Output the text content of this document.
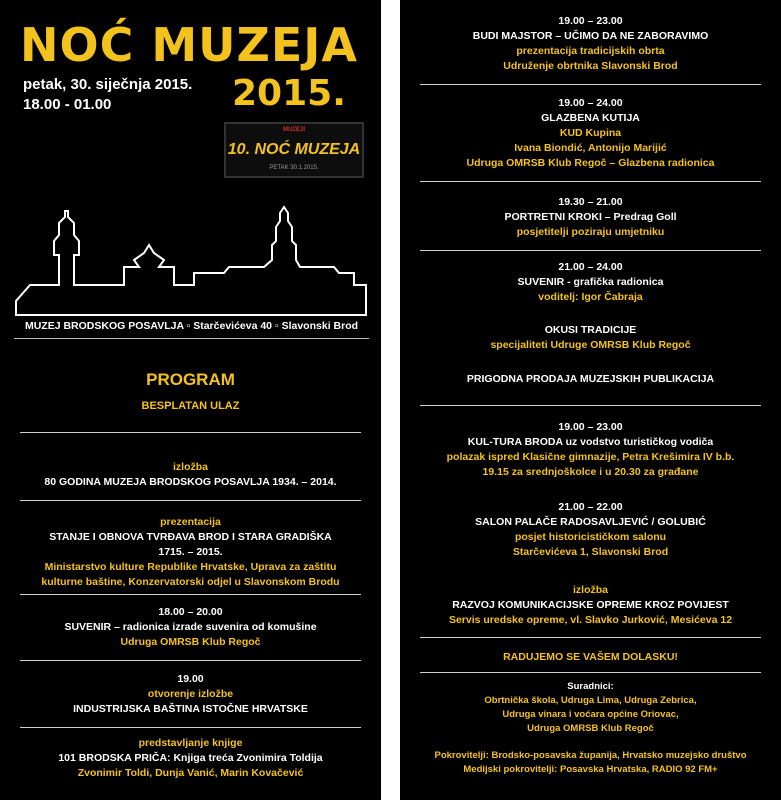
NOĆ MUZEJA
2015.
petak, 30. siječnja 2015.
18.00 - 01.00
MUZEJI
10. NOĆ MUZEJA
PETAK 30.1.2015.
MUZEJ BRODSKOG POSAVLJA ▫ Starčevićeva 40 ▫ Slavonski Brod
PROGRAM
BESPLATAN ULAZ
izložba
80 GODINA MUZEJA BRODSKOG POSAVLJA 1934. – 2014.
prezentacija
STANJE I OBNOVA TVRĐAVA BROD I STARA GRADIŠKA
1715. – 2015.
Ministarstvo kulture Republike Hrvatske, Uprava za zaštitu
kulturne baštine, Konzervatorski odjel u Slavonskom Brodu
18.00 – 20.00
SUVENIR – radionica izrade suvenira od komušine
Udruga OMRSB Klub Regoč
19.00
otvorenje izložbe
INDUSTRIJSKA BAŠTINA ISTOČNE HRVATSKE
predstavljanje knjige
101 BRODSKA PRIČA: Knjiga treća Zvonimira Toldija
Zvonimir Toldi, Dunja Vanić, Marin Kovačević
19.00 – 23.00
BUDI MAJSTOR – UČIMO DA NE ZABORAVIMO
prezentacija tradicijskih obrta
Udruženje obrtnika Slavonski Brod
19.00 – 24.00
GLAZBENA KUTIJA
KUD Kupina
Ivana Biondić, Antonijo Marijić
Udruga OMRSB Klub Regoč – Glazbena radionica
19.30 – 21.00
PORTRETNI KROKI – Predrag Goll
posjetitelji poziraju umjetniku
21.00 – 24.00
SUVENIR - grafička radionica
voditelj: Igor Čabraja
OKUSI TRADICIJE
specijaliteti Udruge OMRSB Klub Regoč
PRIGODNA PRODAJA MUZEJSKIH PUBLIKACIJA
19.00 – 23.00
KUL-TURA BRODA uz vodstvo turističkog vodiča
polazak ispred Klasične gimnazije, Petra Krešimira IV b.b.
19.15 za srednjoškolce i u 20.30 za građane
21.00 – 22.00
SALON PALAČE RADOSAVLJEVIĆ / GOLUBIĆ
posjet historicističkom salonu
Starčevićeva 1, Slavonski Brod
izložba
RAZVOJ KOMUNIKACIJSKE OPREME KROZ POVIJEST
Servis uredske opreme, vl. Slavko Jurković, Mesićeva 12
RADUJEMO SE VAŠEM DOLASKU!
Suradnici:
Obrtnička škola, Udruga Lima, Udruga Zebrica,
Udruga vinara i voćara općine Oriovac,
Udruga OMRSB Klub Regoč
Pokrovitelji: Brodsko-posavska županija, Hrvatsko muzejsko društvo
Medijski pokrovitelji: Posavska Hrvatska, RADIO 92 FM+
